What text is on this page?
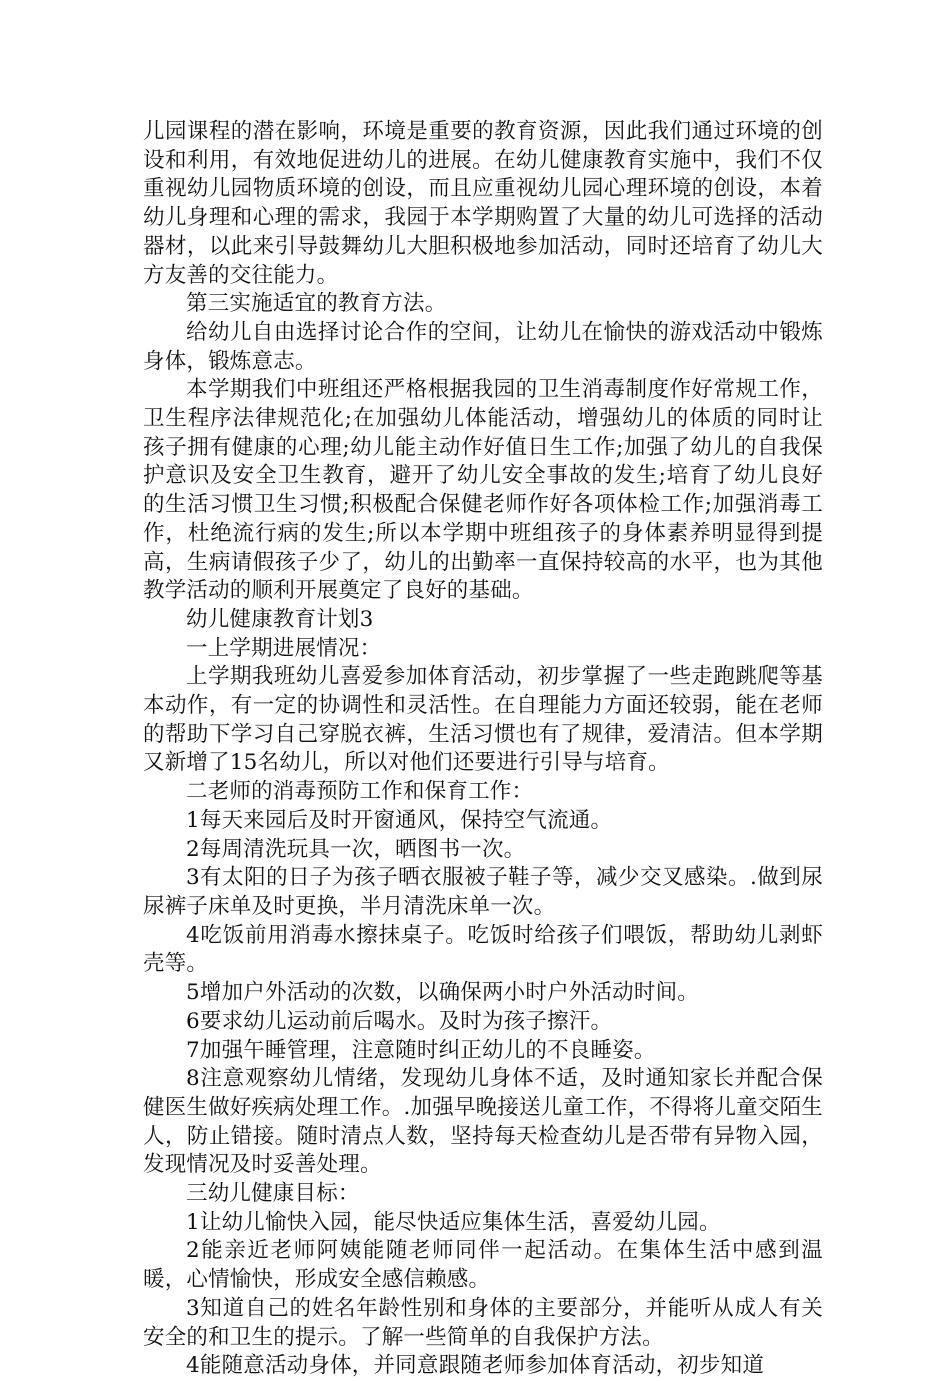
儿园课程的潜在影响，环境是重要的教育资源，因此我们通过环境的创设和利用，有效地促进幼儿的进展。在幼儿健康教育实施中，我们不仅重视幼儿园物质环境的创设，而且应重视幼儿园心理环境的创设，本着幼儿身理和心理的需求，我园于本学期购置了大量的幼儿可选择的活动器材，以此来引导鼓舞幼儿大胆积极地参加活动，同时还培育了幼儿大方友善的交往能力。

第三实施适宜的教育方法。

给幼儿自由选择讨论合作的空间，让幼儿在愉快的游戏活动中锻炼身体，锻炼意志。

本学期我们中班组还严格根据我园的卫生消毒制度作好常规工作，卫生程序法律规范化;在加强幼儿体能活动，增强幼儿的体质的同时让孩子拥有健康的心理;幼儿能主动作好值日生工作;加强了幼儿的自我保护意识及安全卫生教育，避开了幼儿安全事故的发生;培育了幼儿良好的生活习惯卫生习惯;积极配合保健老师作好各项体检工作;加强消毒工作，杜绝流行病的发生;所以本学期中班组孩子的身体素养明显得到提高，生病请假孩子少了，幼儿的出勤率一直保持较高的水平，也为其他教学活动的顺利开展奠定了良好的基础。

幼儿健康教育计划3

一上学期进展情况：

上学期我班幼儿喜爱参加体育活动，初步掌握了一些走跑跳爬等基本动作，有一定的协调性和灵活性。在自理能力方面还较弱，能在老师的帮助下学习自己穿脱衣裤，生活习惯也有了规律，爱清洁。但本学期又新增了15名幼儿，所以对他们还要进行引导与培育。

二老师的消毒预防工作和保育工作：

1每天来园后及时开窗通风，保持空气流通。

2每周清洗玩具一次，晒图书一次。

3有太阳的日子为孩子晒衣服被子鞋子等，减少交叉感染。.做到尿尿裤子床单及时更换，半月清洗床单一次。

4吃饭前用消毒水擦抹桌子。吃饭时给孩子们喂饭，帮助幼儿剥虾壳等。

5增加户外活动的次数，以确保两小时户外活动时间。

6要求幼儿运动前后喝水。及时为孩子擦汗。

7加强午睡管理，注意随时纠正幼儿的不良睡姿。

8注意观察幼儿情绪，发现幼儿身体不适，及时通知家长并配合保健医生做好疾病处理工作。.加强早晚接送儿童工作，不得将儿童交陌生人，防止错接。随时清点人数，坚持每天检查幼儿是否带有异物入园，发现情况及时妥善处理。

三幼儿健康目标：

1让幼儿愉快入园，能尽快适应集体生活，喜爱幼儿园。

2能亲近老师阿姨能随老师同伴一起活动。在集体生活中感到温暖，心情愉快，形成安全感信赖感。

3知道自己的姓名年龄性别和身体的主要部分，并能听从成人有关安全的和卫生的提示。了解一些简单的自我保护方法。

4能随意活动身体，并同意跟随老师参加体育活动，初步知道
